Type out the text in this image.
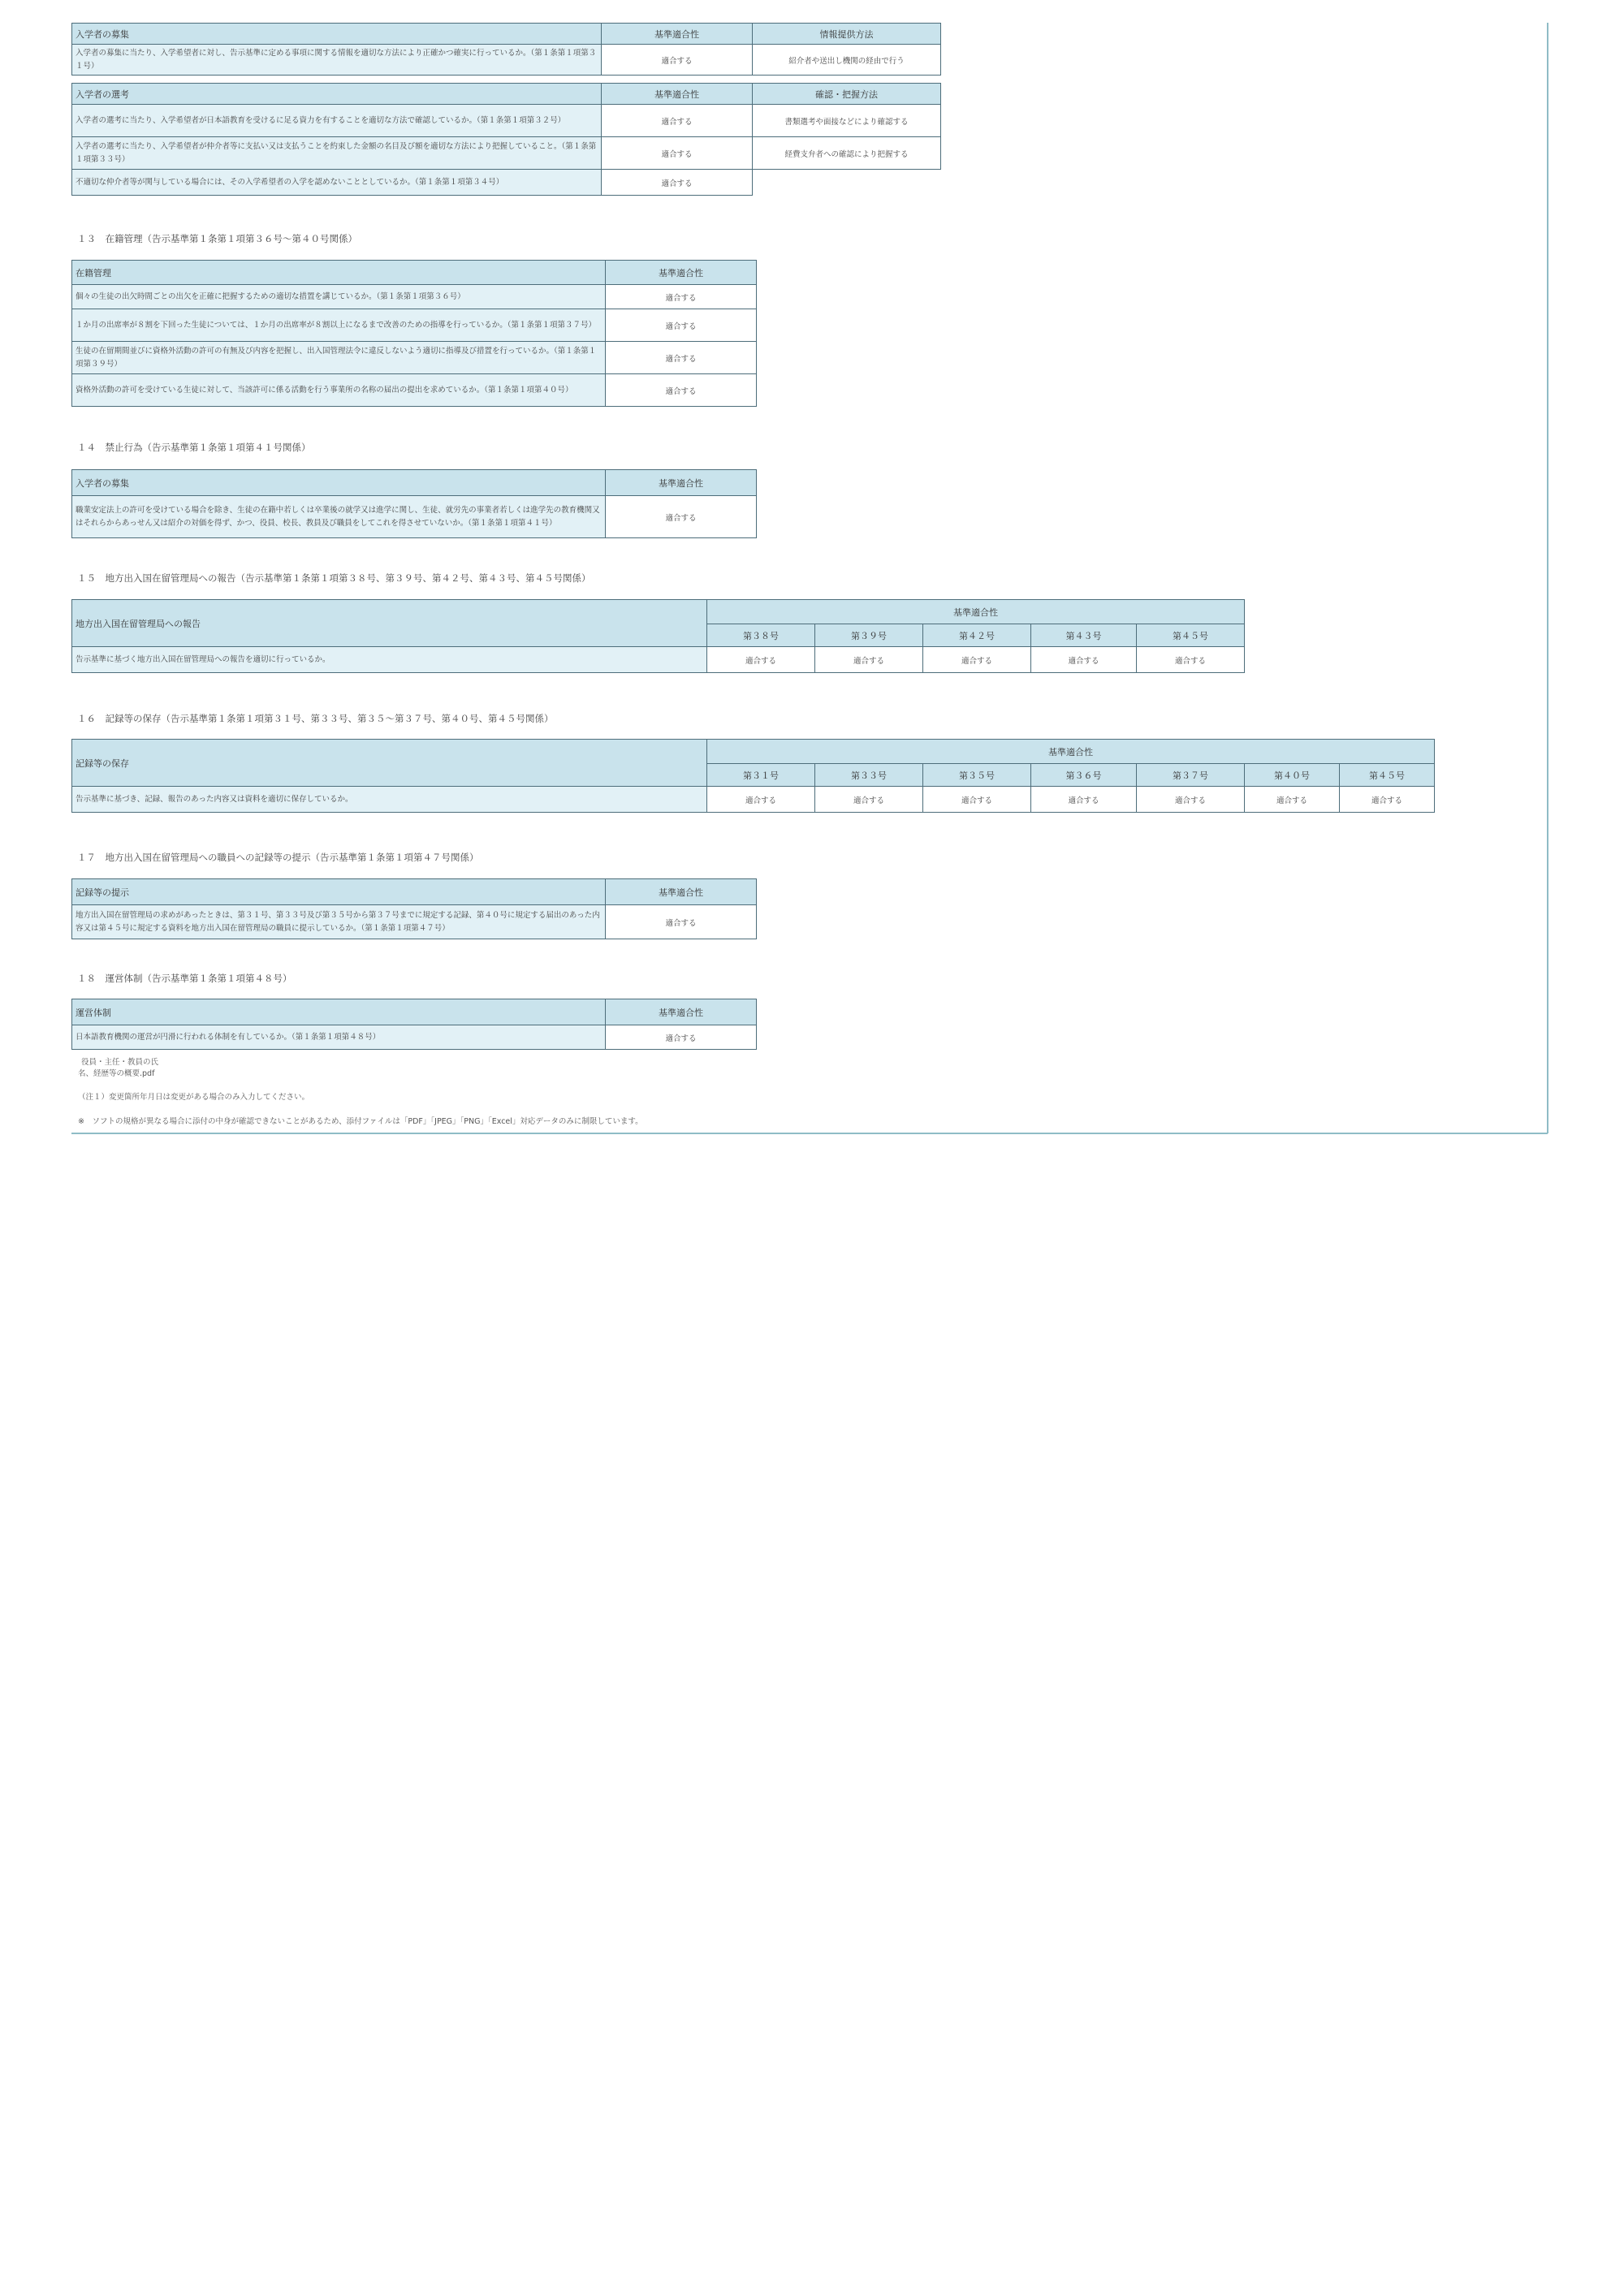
入学者の募集	基準適合性	情報提供方法
入学者の募集に当たり、入学希望者に対し、告示基準に定める事項に関する情報を適切な方法により正確かつ確実に行っているか。（第１条第１項第３１号）	適合する	紹介者や送出し機関の経由で行う
入学者の選考	基準適合性	確認・把握方法
入学者の選考に当たり、入学希望者が日本語教育を受けるに足る資力を有することを適切な方法で確認しているか。（第１条第１項第３２号）	適合する	書類選考や面接などにより確認する
入学者の選考に当たり、入学希望者が仲介者等に支払い又は支払うことを約束した金額の名目及び額を適切な方法により把握していること。（第１条第１項第３３号）	適合する	経費支弁者への確認により把握する
不適切な仲介者等が関与している場合には、その入学希望者の入学を認めないこととしているか。（第１条第１項第３４号）	適合する	
１３　在籍管理（告示基準第１条第１項第３６号～第４０号関係）
在籍管理	基準適合性
個々の生徒の出欠時間ごとの出欠を正確に把握するための適切な措置を講じているか。（第１条第１項第３６号）	適合する
１か月の出席率が８割を下回った生徒については、１か月の出席率が８割以上になるまで改善のための指導を行っているか。（第１条第１項第３７号）	適合する
生徒の在留期間並びに資格外活動の許可の有無及び内容を把握し、出入国管理法令に違反しないよう適切に指導及び措置を行っているか。（第１条第１項第３９号）	適合する
資格外活動の許可を受けている生徒に対して、当該許可に係る活動を行う事業所の名称の届出の提出を求めているか。（第１条第１項第４０号）	適合する
１４　禁止行為（告示基準第１条第１項第４１号関係）
入学者の募集	基準適合性
職業安定法上の許可を受けている場合を除き、生徒の在籍中若しくは卒業後の就学又は進学に関し、生徒、就労先の事業者若しくは進学先の教育機関又はそれらからあっせん又は紹介の対価を得ず、かつ、役員、校長、教員及び職員をしてこれを得させていないか。（第１条第１項第４１号）	適合する
１５　地方出入国在留管理局への報告（告示基準第１条第１項第３８号、第３９号、第４２号、第４３号、第４５号関係）
地方出入国在留管理局への報告	基準適合性				
	第３８号	第３９号	第４２号	第４３号	第４５号
告示基準に基づく地方出入国在留管理局への報告を適切に行っているか。	適合する	適合する	適合する	適合する	適合する
１６　記録等の保存（告示基準第１条第１項第３１号、第３３号、第３５～第３７号、第４０号、第４５号関係）
記録等の保存	基準適合性						
	第３１号	第３３号	第３５号	第３６号	第３７号	第４０号	第４５号
告示基準に基づき、記録、報告のあった内容又は資料を適切に保存しているか。	適合する	適合する	適合する	適合する	適合する	適合する	適合する
１７　地方出入国在留管理局への職員への記録等の提示（告示基準第１条第１項第４７号関係）
記録等の提示	基準適合性
地方出入国在留管理局の求めがあったときは、第３１号、第３３号及び第３５号から第３７号までに規定する記録、第４０号に規定する届出のあった内容又は第４５号に規定する資料を地方出入国在留管理局の職員に提示しているか。（第１条第１項第４７号）	適合する
１８　運営体制（告示基準第１条第１項第４８号）
運営体制	基準適合性
日本語教育機関の運営が円滑に行われる体制を有しているか。（第１条第１項第４８号）	適合する
役員・主任・教員の氏
名、経歴等の概要.pdf
（注１）変更箇所年月日は変更がある場合のみ入力してください。
※　ソフトの規格が異なる場合に添付の中身が確認できないことがあるため、添付ファイルは「PDF」「JPEG」「PNG」「Excel」対応データのみに制限しています。
